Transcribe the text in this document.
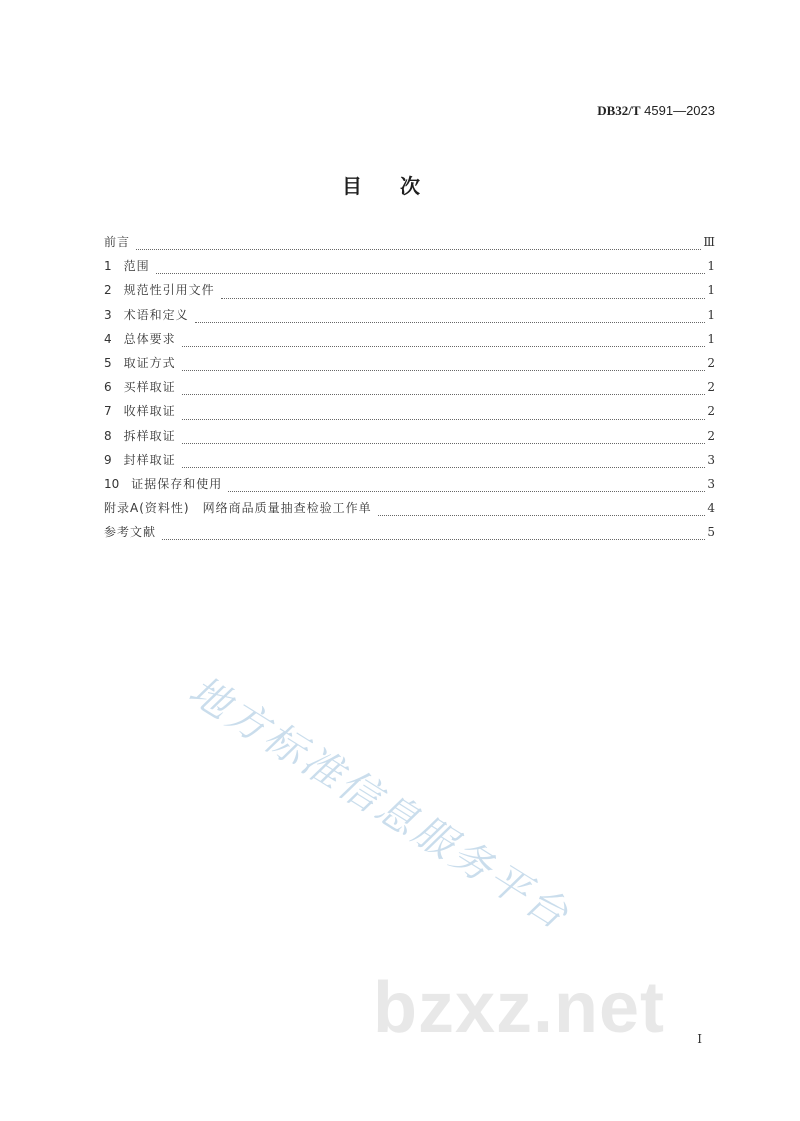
DB32/T 4591—2023
目次
前言	Ⅲ
1 范围	1
2 规范性引用文件	1
3 术语和定义	1
4 总体要求	1
5 取证方式	2
6 买样取证	2
7 收样取证	2
8 拆样取证	2
9 封样取证	3
10 证据保存和使用	3
附录A(资料性)　网络商品质量抽查检验工作单	4
参考文献	5
地方标准信息服务平台
bzxz.net	I
